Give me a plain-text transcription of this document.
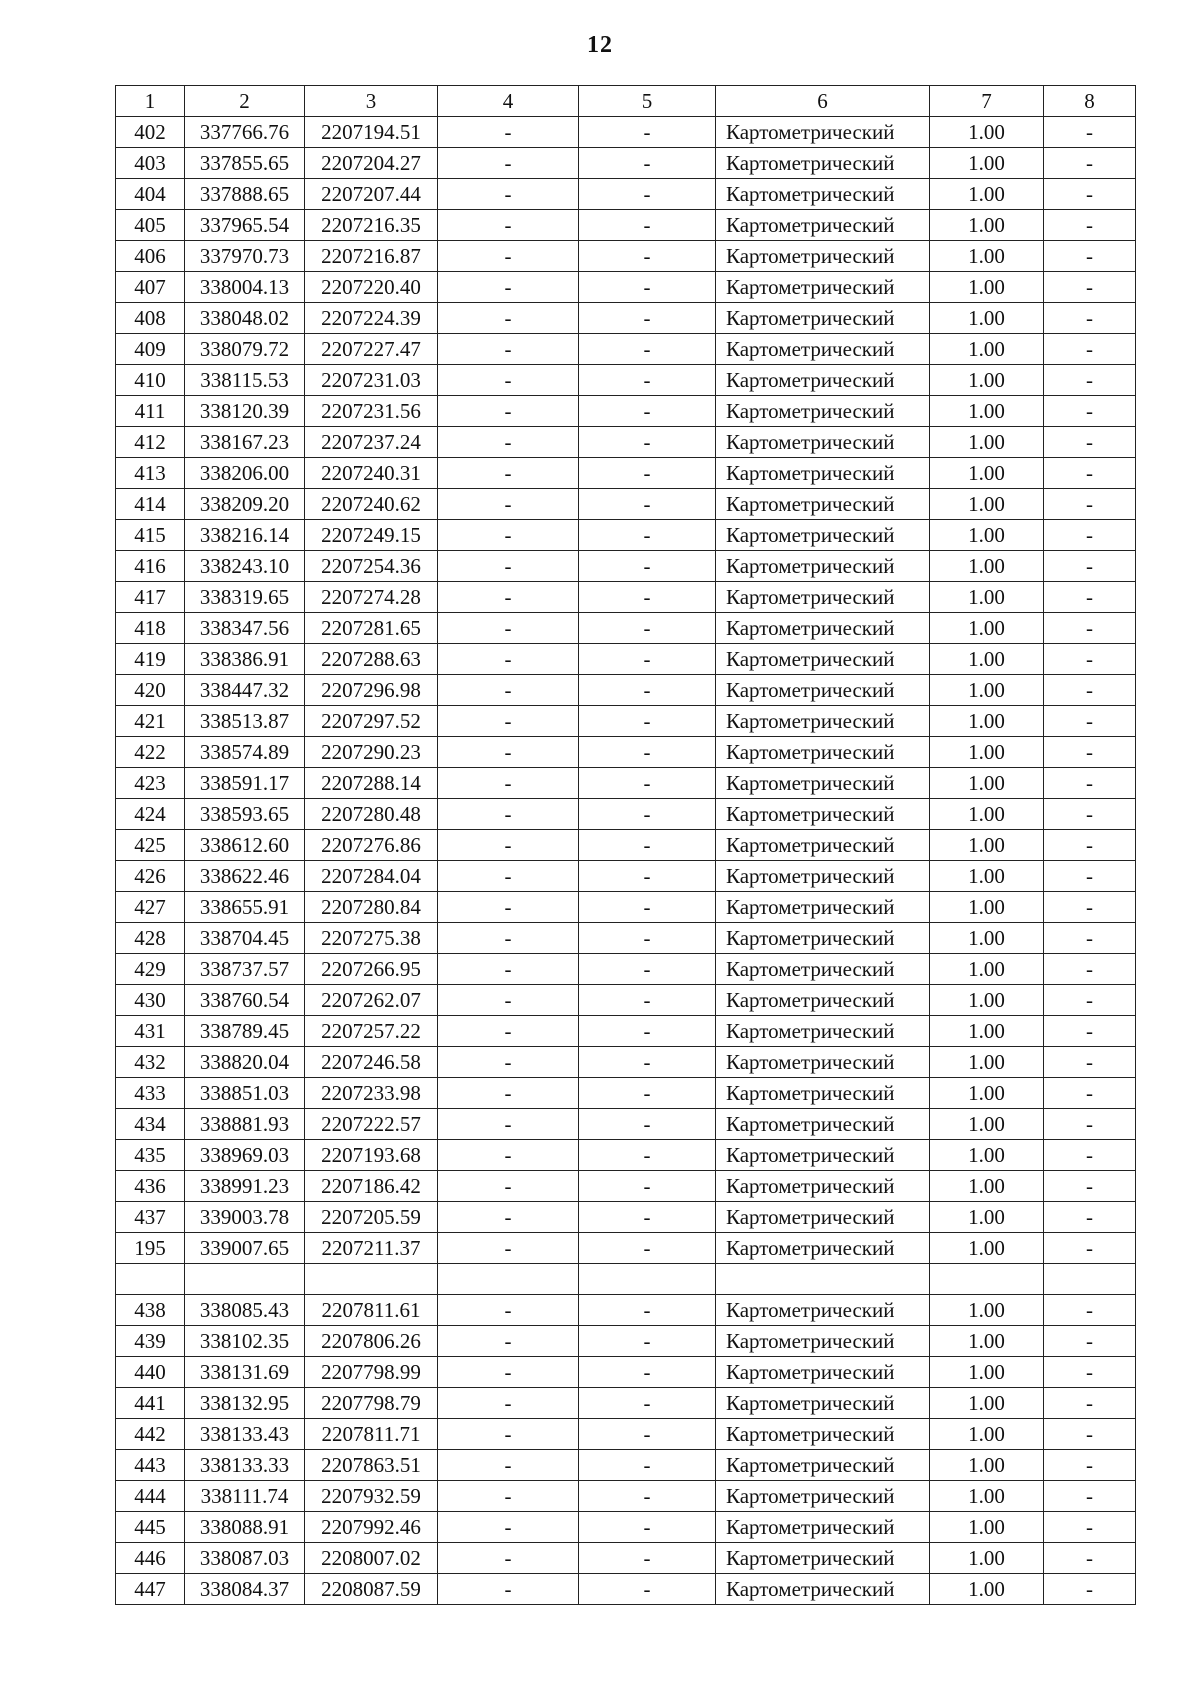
12
1	2	3	4	5	6	7	8
402	337766.76	2207194.51	-	-	Картометрический	1.00	-
403	337855.65	2207204.27	-	-	Картометрический	1.00	-
404	337888.65	2207207.44	-	-	Картометрический	1.00	-
405	337965.54	2207216.35	-	-	Картометрический	1.00	-
406	337970.73	2207216.87	-	-	Картометрический	1.00	-
407	338004.13	2207220.40	-	-	Картометрический	1.00	-
408	338048.02	2207224.39	-	-	Картометрический	1.00	-
409	338079.72	2207227.47	-	-	Картометрический	1.00	-
410	338115.53	2207231.03	-	-	Картометрический	1.00	-
411	338120.39	2207231.56	-	-	Картометрический	1.00	-
412	338167.23	2207237.24	-	-	Картометрический	1.00	-
413	338206.00	2207240.31	-	-	Картометрический	1.00	-
414	338209.20	2207240.62	-	-	Картометрический	1.00	-
415	338216.14	2207249.15	-	-	Картометрический	1.00	-
416	338243.10	2207254.36	-	-	Картометрический	1.00	-
417	338319.65	2207274.28	-	-	Картометрический	1.00	-
418	338347.56	2207281.65	-	-	Картометрический	1.00	-
419	338386.91	2207288.63	-	-	Картометрический	1.00	-
420	338447.32	2207296.98	-	-	Картометрический	1.00	-
421	338513.87	2207297.52	-	-	Картометрический	1.00	-
422	338574.89	2207290.23	-	-	Картометрический	1.00	-
423	338591.17	2207288.14	-	-	Картометрический	1.00	-
424	338593.65	2207280.48	-	-	Картометрический	1.00	-
425	338612.60	2207276.86	-	-	Картометрический	1.00	-
426	338622.46	2207284.04	-	-	Картометрический	1.00	-
427	338655.91	2207280.84	-	-	Картометрический	1.00	-
428	338704.45	2207275.38	-	-	Картометрический	1.00	-
429	338737.57	2207266.95	-	-	Картометрический	1.00	-
430	338760.54	2207262.07	-	-	Картометрический	1.00	-
431	338789.45	2207257.22	-	-	Картометрический	1.00	-
432	338820.04	2207246.58	-	-	Картометрический	1.00	-
433	338851.03	2207233.98	-	-	Картометрический	1.00	-
434	338881.93	2207222.57	-	-	Картометрический	1.00	-
435	338969.03	2207193.68	-	-	Картометрический	1.00	-
436	338991.23	2207186.42	-	-	Картометрический	1.00	-
437	339003.78	2207205.59	-	-	Картометрический	1.00	-
195	339007.65	2207211.37	-	-	Картометрический	1.00	-

438	338085.43	2207811.61	-	-	Картометрический	1.00	-
439	338102.35	2207806.26	-	-	Картометрический	1.00	-
440	338131.69	2207798.99	-	-	Картометрический	1.00	-
441	338132.95	2207798.79	-	-	Картометрический	1.00	-
442	338133.43	2207811.71	-	-	Картометрический	1.00	-
443	338133.33	2207863.51	-	-	Картометрический	1.00	-
444	338111.74	2207932.59	-	-	Картометрический	1.00	-
445	338088.91	2207992.46	-	-	Картометрический	1.00	-
446	338087.03	2208007.02	-	-	Картометрический	1.00	-
447	338084.37	2208087.59	-	-	Картометрический	1.00	-
